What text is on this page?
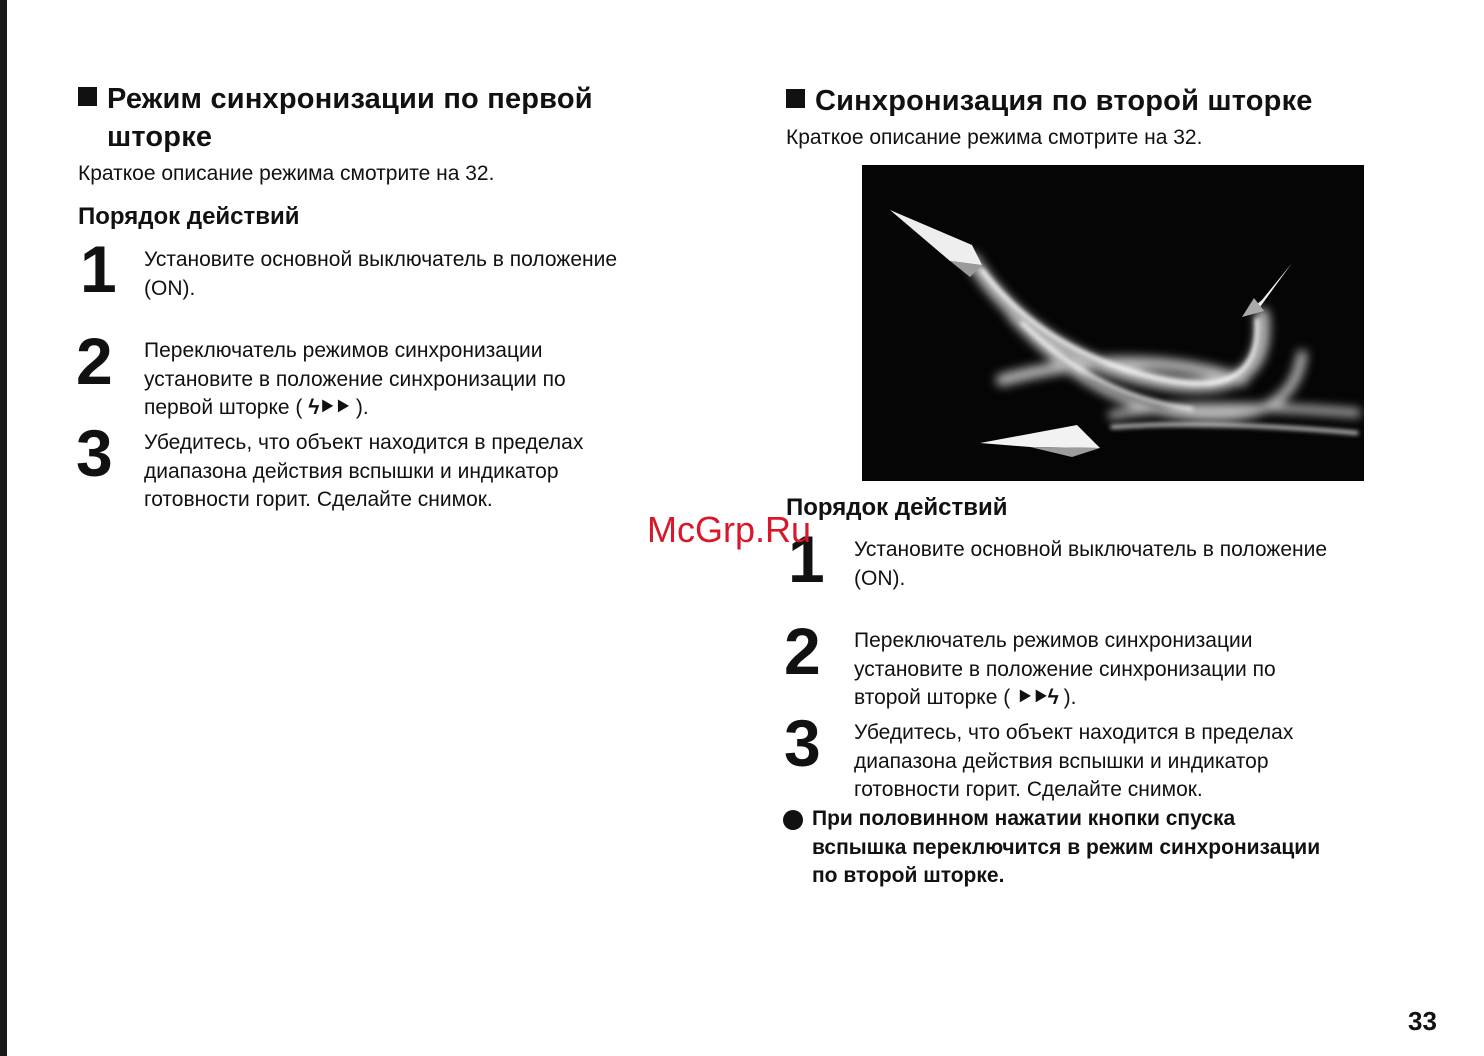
Режим синхронизации по первой
шторке
Краткое описание режима смотрите на 32.
Порядок действий
1 Установите основной выключатель в положение
(ON).
2 Переключатель режимов синхронизации
установите в положение синхронизации по
первой шторке ( ϟ⯈⯈ ).
3 Убедитесь, что объект находится в пределах
диапазона действия вспышки и индикатор
готовности горит. Сделайте снимок.
Синхронизация по второй шторке
Краткое описание режима смотрите на 32.
Порядок действий
1 Установите основной выключатель в положение
(ON).
2 Переключатель режимов синхронизации
установите в положение синхронизации по
второй шторке ( ⯈⯈ϟ ).
3 Убедитесь, что объект находится в пределах
диапазона действия вспышки и индикатор
готовности горит. Сделайте снимок.
При половинном нажатии кнопки спуска
вспышка переключится в режим синхронизации
по второй шторке.
McGrp.Ru
33
